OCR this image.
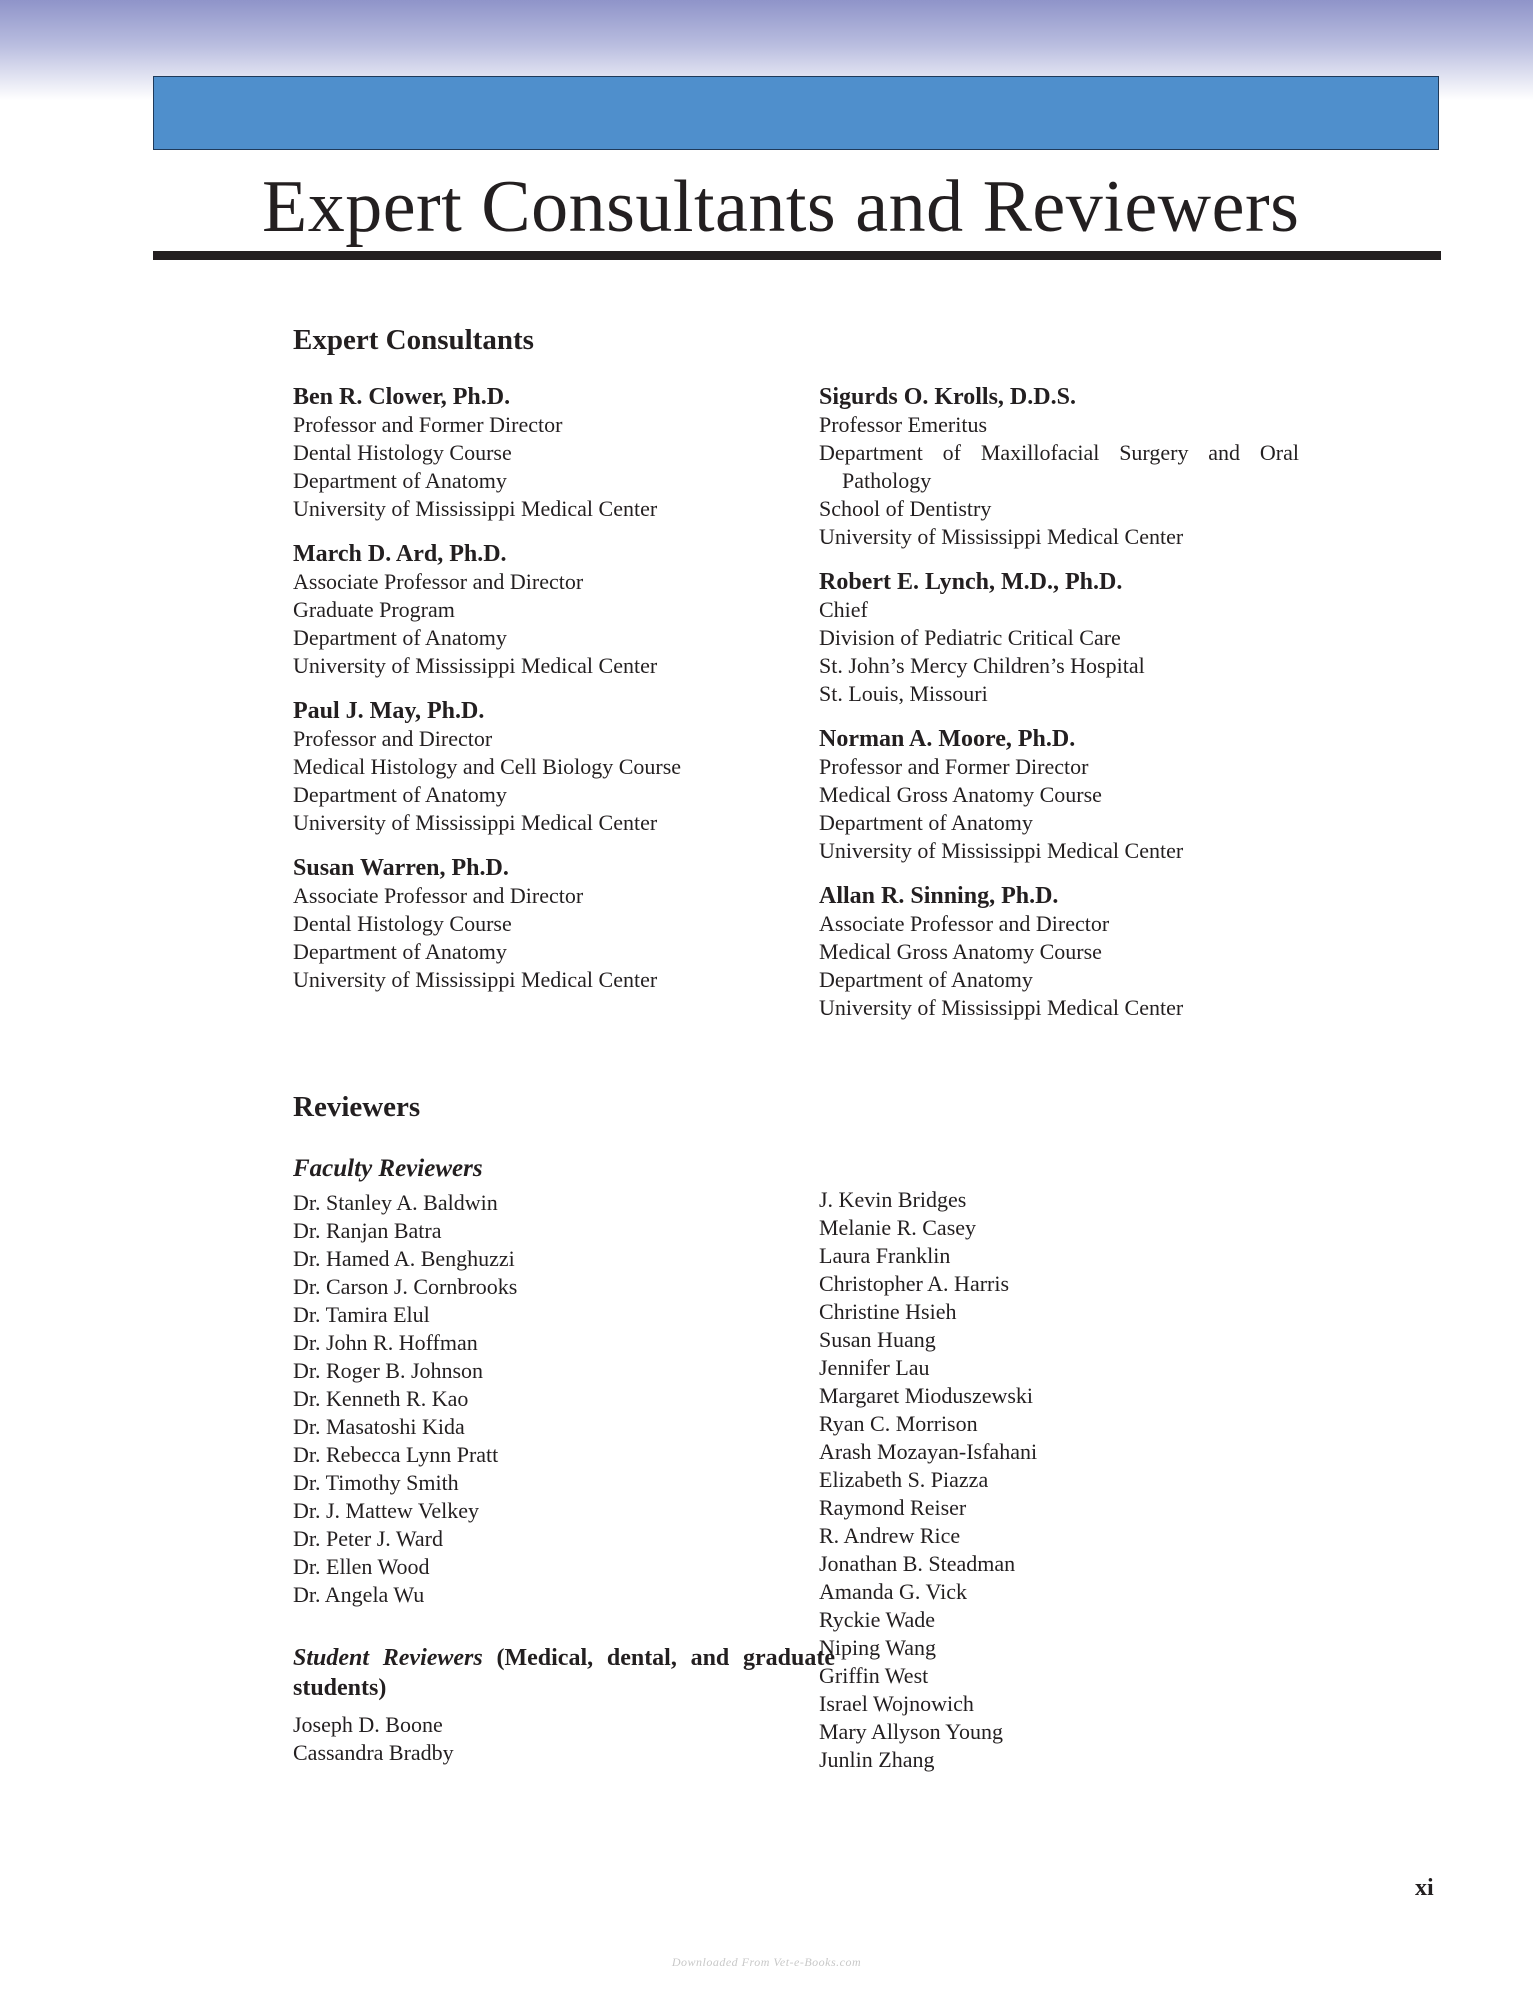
Expert Consultants and Reviewers
Expert Consultants
Ben R. Clower, Ph.D.
Professor and Former Director
Dental Histology Course
Department of Anatomy
University of Mississippi Medical Center
March D. Ard, Ph.D.
Associate Professor and Director
Graduate Program
Department of Anatomy
University of Mississippi Medical Center
Paul J. May, Ph.D.
Professor and Director
Medical Histology and Cell Biology Course
Department of Anatomy
University of Mississippi Medical Center
Susan Warren, Ph.D.
Associate Professor and Director
Dental Histology Course
Department of Anatomy
University of Mississippi Medical Center
Sigurds O. Krolls, D.D.S.
Professor Emeritus
Department of Maxillofacial Surgery and Oral
Pathology
School of Dentistry
University of Mississippi Medical Center
Robert E. Lynch, M.D., Ph.D.
Chief
Division of Pediatric Critical Care
St. John’s Mercy Children’s Hospital
St. Louis, Missouri
Norman A. Moore, Ph.D.
Professor and Former Director
Medical Gross Anatomy Course
Department of Anatomy
University of Mississippi Medical Center
Allan R. Sinning, Ph.D.
Associate Professor and Director
Medical Gross Anatomy Course
Department of Anatomy
University of Mississippi Medical Center
Reviewers
Faculty Reviewers
Dr. Stanley A. Baldwin
Dr. Ranjan Batra
Dr. Hamed A. Benghuzzi
Dr. Carson J. Cornbrooks
Dr. Tamira Elul
Dr. John R. Hoffman
Dr. Roger B. Johnson
Dr. Kenneth R. Kao
Dr. Masatoshi Kida
Dr. Rebecca Lynn Pratt
Dr. Timothy Smith
Dr. J. Mattew Velkey
Dr. Peter J. Ward
Dr. Ellen Wood
Dr. Angela Wu
Student Reviewers (Medical, dental, and graduate students)
Joseph D. Boone
Cassandra Bradby
J. Kevin Bridges
Melanie R. Casey
Laura Franklin
Christopher A. Harris
Christine Hsieh
Susan Huang
Jennifer Lau
Margaret Mioduszewski
Ryan C. Morrison
Arash Mozayan-Isfahani
Elizabeth S. Piazza
Raymond Reiser
R. Andrew Rice
Jonathan B. Steadman
Amanda G. Vick
Ryckie Wade
Niping Wang
Griffin West
Israel Wojnowich
Mary Allyson Young
Junlin Zhang
xi
Downloaded From Vet-e-Books.com
